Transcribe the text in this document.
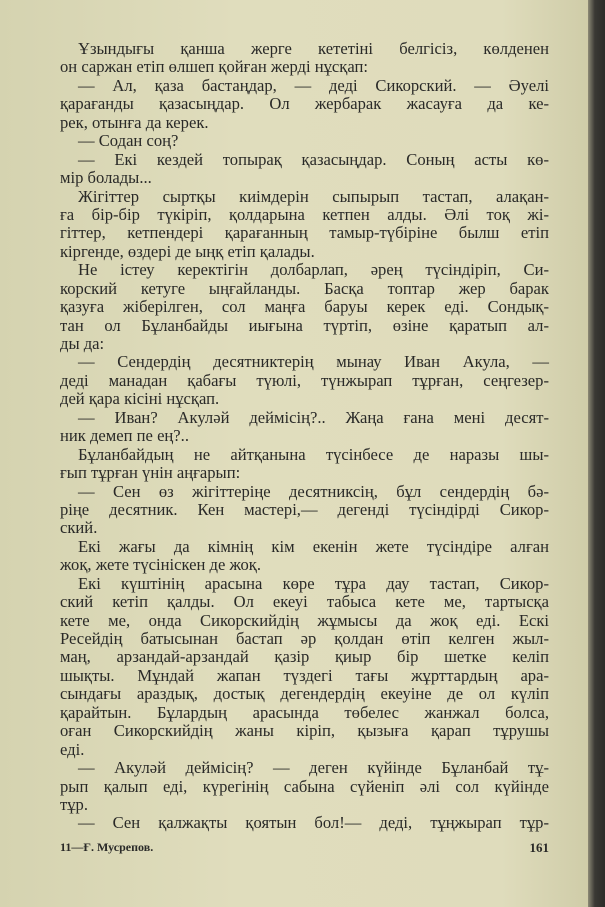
Ұзындығы қанша жерге кететіні белгісіз, көлденен
он саржан етіп өлшеп қойған жерді нұсқап:
— Ал, қаза бастаңдар, — деді Сикорский. — Әуелі
қарағанды қазасыңдар. Ол жербарак жасауға да ке-
рек, отынға да керек.
— Содан соң?
— Екі кездей топырақ қазасыңдар. Соның асты кө-
мір болады...
Жігіттер сыртқы киімдерін сыпырып тастап, алақан-
ға бір-бір түкіріп, қолдарына кетпен алды. Әлі тоқ жі-
гіттер, кетпендері қарағанның тамыр-түбіріне былш етіп
кіргенде, өздері де ыңқ етіп қалады.
Не істеу керектігін долбарлап, әрең түсіндіріп, Си-
корский кетуге ыңғайланды. Басқа топтар жер барак
қазуға жіберілген, сол маңға баруы керек еді. Сондық-
тан ол Бұланбайды иығына түртіп, өзіне қаратып ал-
ды да:
— Сендердің десятниктерің мынау Иван Акула, —
деді манадан қабағы түюлі, түнжырап тұрған, сеңгезер-
дей қара кісіні нұсқап.
— Иван? Акуләй деймісің?.. Жаңа ғана мені десят-
ник демеп пе ең?..
Бұланбайдың не айтқанына түсінбесе де наразы шы-
ғып тұрған үнін аңғарып:
— Сен өз жігіттеріңе десятниксің, бұл сендердің бә-
ріңе десятник. Кен мастері,— дегенді түсіндірді Сикор-
ский.
Екі жағы да кімнің кім екенін жете түсіндіре алған
жоқ, жете түсініскен де жоқ.
Екі күштінің арасына көре тұра дау тастап, Сикор-
ский кетіп қалды. Ол екеуі табыса кете ме, тартысқа
кете ме, онда Сикорскийдің жұмысы да жоқ еді. Ескі
Ресейдің батысынан бастап әр қолдан өтіп келген жыл-
маң, арзандай-арзандай қазір қиыр бір шетке келіп
шықты. Мұндай жапан түздегі тағы жұрттардың ара-
сындағы араздық, достық дегендердің екеуіне де ол күліп
қарайтын. Бұлардың арасында төбелес жанжал болса,
оған Сикорскийдің жаны кіріп, қызыға қарап тұрушы
еді.
— Акуләй деймісің? — деген күйінде Бұланбай тұ-
рып қалып еді, күрегінің сабына сүйеніп әлі сол күйінде
тұр.
— Сен қалжақты қоятын бол!— деді, тұңжырап тұр-
11—Ғ. Мусрепов.	161
